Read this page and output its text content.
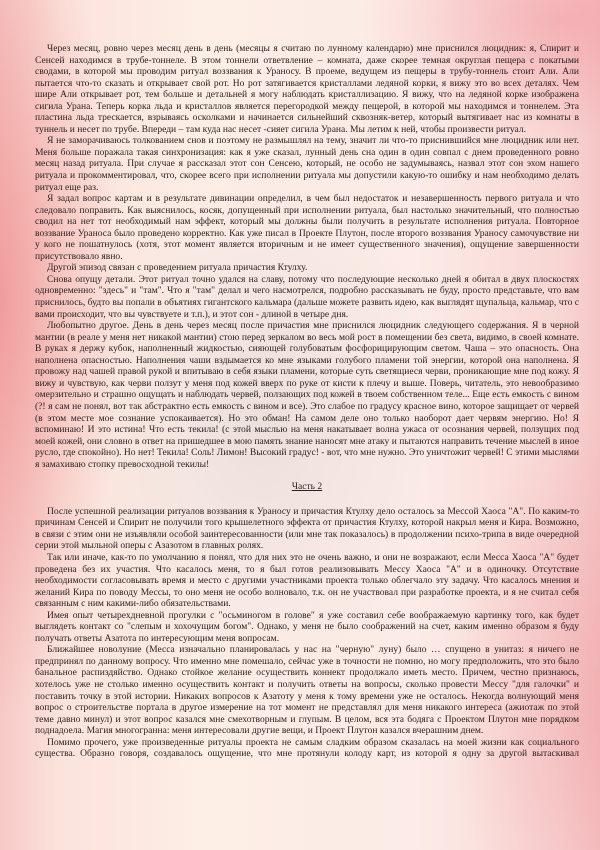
Через месяц, ровно через месяц день в день (месяцы я считаю по лунному календарю) мне приснился люцидник: я, Спирит и Сенсей находимся в трубе-тоннеле. В этом тоннели ответвление – комната, даже скорее темная округлая пещера с покатыми сводами, в которой мы проводим ритуал воззвания к Ураносу. В проеме, ведущем из пещеры в трубу-тоннель стоит Али. Али пытается что-то сказать и открывает свой рот. Но рот затягивается кристаллами ледяной корки, я вижу это во всех деталях. Чем шире Али открывает рот, тем больше и детальней я могу наблюдать кристаллизацию. Я вижу, что на ледяной корке изображена сигила Урана. Теперь корка льда и кристаллов является перегородкой между пещерой, в которой мы находимся и тоннелем. Эта пластина льда трескается, взрываясь осколками и начинается сильнейший сквозняк-ветер, который вытягивает нас из комнаты в туннель и несет по трубе. Впереди – там куда нас несет -сияет сигила Урана. Мы летим к ней, чтобы произвести ритуал.

Я не заморачиваюсь толкованием снов и поэтому не размышлял на тему, значит ли что-то приснившийся мне люцидник или нет. Меня больше поражала такая синхронизация: как я уже сказал, лунный день сна один в один совпал с днем проведенного ровно месяц назад ритуала. При случае я рассказал этот сон Сенсею, который, не особо не задумываясь, назвал этот сон эхом нашего ритуала и прокомментировал, что, скорее всего при исполнении ритуала мы допустили какую-то ошибку и нам необходимо делать ритуал еще раз.

Я задал вопрос картам и в результате дивинации определил, в чем был недостаток и незавершенность первого ритуала и что следовало поправить. Как выяснилось, косяк, допущенный при исполнении ритуала, был настолько значительный, что полностью сводил на нет тот необходимый нам эффект, который мы должны были получить в результате исполнения ритуала. Повторное воззвание Ураноса было проведено корректно. Как уже писал в Проекте Плутон, после второго воззвания Ураносу самочувствие ни у кого не пошатнулось (хотя, этот момент является вторичным и не имеет существенного значения), ощущение завершенности присутствовало явно.

Другой эпизод связан с проведением ритуала причастия Ктулху.

Снова опущу детали. Этот ритуал точно удался на славу, потому что последующие несколько дней я обитал в двух плоскостях одновременно: "здесь" и "там". Что я "там" делал и чего насмотрелся, подробно рассказывать не буду, просто представьте, что вам приснилось, будто вы попали в объятиях гигантского кальмара (дальше можете развить идею, как выглядят щупальца, кальмар, что с вами происходит, что вы чувствуете и т.п.), и этот сон - длиной в четыре дня.

Любопытно другое. День в день через месяц после причастия мне приснился люцидник следующего содержания. Я в черной мантии (в реале у меня нет никакой мантии) стою перед зеркалом во весь мой рост в помещении без света, видимо, в своей комнате. В руках я держу кубок, наполненный жидкостью, сияющей голубоватым фосфорицирующим светом. Чаша – это опасность. Она наполнена опасностью. Наполнения чаши вздымается ко мне языками голубого пламени той энергии, которой она наполнена. Я провожу над чашей правой рукой и впитываю в себя языки пламени, которые суть светящиеся черви, проникающие мне под кожу. Я вижу и чувствую, как черви ползут у меня под кожей вверх по руке от кисти к плечу и выше. Поверь, читатель, это невообразимо омерзительно и страшно ощущать и наблюдать червей, ползающих под кожей в твоем собственном теле... Еще есть емкость с вином (?! я сам не понял, вот так абстрактно есть емкость с вином и все). Это слабое по градусу красное вино, которое защищает от червей (в этом месте мое сознание успокаивается). Но это обман! На самом деле оно только наоборот дает червям энергию. Но! Я вспоминаю! И это истина! Что есть текила! (с этой мыслью на меня накатывает волна ужаса от осознания червей, ползущих под моей кожей, они словно в ответ на пришедшее в мою память знание наносят мне атаку и пытаются направить течение мыслей в иное русло, где спокойно). Но нет! Текила! Соль! Лимон! Высокий градус! - вот, что мне нужно. Это уничтожит червей! С этими мыслями я замахиваю стопку превосходной текилы!

Часть 2

После успешной реализации ритуалов воззвания к Ураносу и причастия Ктулху дело осталось за Мессой Хаоса "А". По каким-то причинам Сенсей и Спирит не получили того крышелетного эффекта от причастия Ктулху, которой накрыл меня и Кира. Возможно, в связи с этим они не изъявляли особой заинтересованности (или мне так показалось) в продолжении психо-трипа в виде очередной серии этой мыльной оперы с Азазотом в главных ролях.

Так или иначе, как-то по умолчанию я понял, что для них это не очень важно, и они не возражают, если Месса Хаоса "А" будет проведена без их участия. Что касалось меня, то я был готов реализовывать Мессу Хаоса "А" и в одиночку. Отсутствие необходимости согласовывать время и место с другими участниками проекта только облегчало эту задачу. Что касалось мнения и желаний Кира по поводу Мессы, то оно меня не особо волновало, т.к. он не участвовал при разработке проекта, и я не считал себя связанным с ним какими-либо обязательствами.

Имея опыт четырехдневной прогулки с "осьминогом в голове" я уже составил себе воображаемую картинку того, как будет выглядеть контакт со "слепым и хохочущим богом". Однако, у меня не было соображений на счет, каким именно образом я буду получать ответы Азатота по интересующим меня вопросам.

Ближайшее новолуние (Месса изначально планировалась у нас на "черную" луну) было … спущено в унитаз: я ничего не предпринял по данному вопросу. Что именно мне помешало, сейчас уже в точности не помню, но могу предположить, что это было банальное распиздяйство. Однако стойкое желание осуществить коннект продолжало иметь место. Причем, честно признаюсь, хотелось уже не столько именно осуществить контакт и получить ответы на вопросы, сколько провести Мессу "для галочки" и поставить точку в этой истории. Никаких вопросов к Азатоту у меня к тому времени уже не осталось. Некогда волнующий меня вопрос о строительстве портала в другое измерение на тот момент не представлял для меня никакого интереса (ажиотаж по этой теме давно минул) и этот вопрос казался мне смехотворным и глупым. В целом, вся эта бодяга с Проектом Плутон мне порядком поднадоела. Магия многогранна: меня интересовали другие вещи, и Проект Плутон казался вчерашним днем.

Помимо прочего, уже произведенные ритуалы проекта не самым сладким образом сказалась на моей жизни как социального существа. Образно говоря, создавалось ощущение, что мне протянули колоду карт, из которой я одну за другой вытаскивал
